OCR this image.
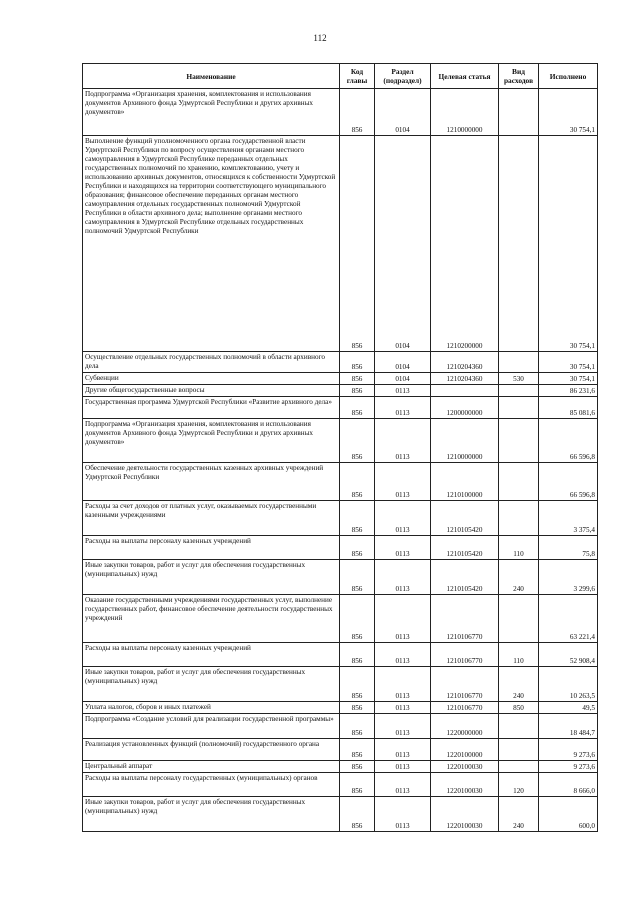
112
Наименование	Код главы	Раздел (подраздел)	Целевая статья	Вид расходов	Исполнено
Подпрограмма «Организация хранения, комплектования и использования документов Архивного фонда Удмуртской Республики и других архивных документов»	856	0104	1210000000		30 754,1
Выполнение функций уполномоченного органа государственной власти Удмуртской Республики по вопросу осуществления органами местного самоуправления в Удмуртской Республике переданных отдельных государственных полномочий по хранению, комплектованию, учету и использованию архивных документов, относящихся к собственности Удмуртской Республики и находящихся на территории соответствующего муниципального образования; финансовое обеспечение переданных органам местного самоуправления отдельных государственных полномочий Удмуртской Республики в области архивного дела; выполнение органами местного самоуправления в Удмуртской Республике отдельных государственных полномочий Удмуртской Республики	856	0104	1210200000		30 754,1
Осуществление отдельных государственных полномочий в области архивного дела	856	0104	1210204360		30 754,1
Субвенции	856	0104	1210204360	530	30 754,1
Другие общегосударственные вопросы	856	0113			86 231,6
Государственная программа Удмуртской Республики «Развитие архивного дела»	856	0113	1200000000		85 081,6
Подпрограмма «Организация хранения, комплектования и использования документов Архивного фонда Удмуртской Республики и других архивных документов»	856	0113	1210000000		66 596,8
Обеспечение деятельности государственных казенных архивных учреждений Удмуртской Республики	856	0113	1210100000		66 596,8
Расходы за счет доходов от платных услуг, оказываемых государственными казенными учреждениями	856	0113	1210105420		3 375,4
Расходы на выплаты персоналу казенных учреждений	856	0113	1210105420	110	75,8
Иные закупки товаров, работ и услуг для обеспечения государственных (муниципальных) нужд	856	0113	1210105420	240	3 299,6
Оказание государственными учреждениями государственных услуг, выполнение государственных работ, финансовое обеспечение деятельности государственных учреждений	856	0113	1210106770		63 221,4
Расходы на выплаты персоналу казенных учреждений	856	0113	1210106770	110	52 908,4
Иные закупки товаров, работ и услуг для обеспечения государственных (муниципальных) нужд	856	0113	1210106770	240	10 263,5
Уплата налогов, сборов и иных платежей	856	0113	1210106770	850	49,5
Подпрограмма «Создание условий для реализации государственной программы»	856	0113	1220000000		18 484,7
Реализация установленных функций (полномочий) государственного органа	856	0113	1220100000		9 273,6
Центральный аппарат	856	0113	1220100030		9 273,6
Расходы на выплаты персоналу государственных (муниципальных) органов	856	0113	1220100030	120	8 666,0
Иные закупки товаров, работ и услуг для обеспечения государственных (муниципальных) нужд	856	0113	1220100030	240	600,0
